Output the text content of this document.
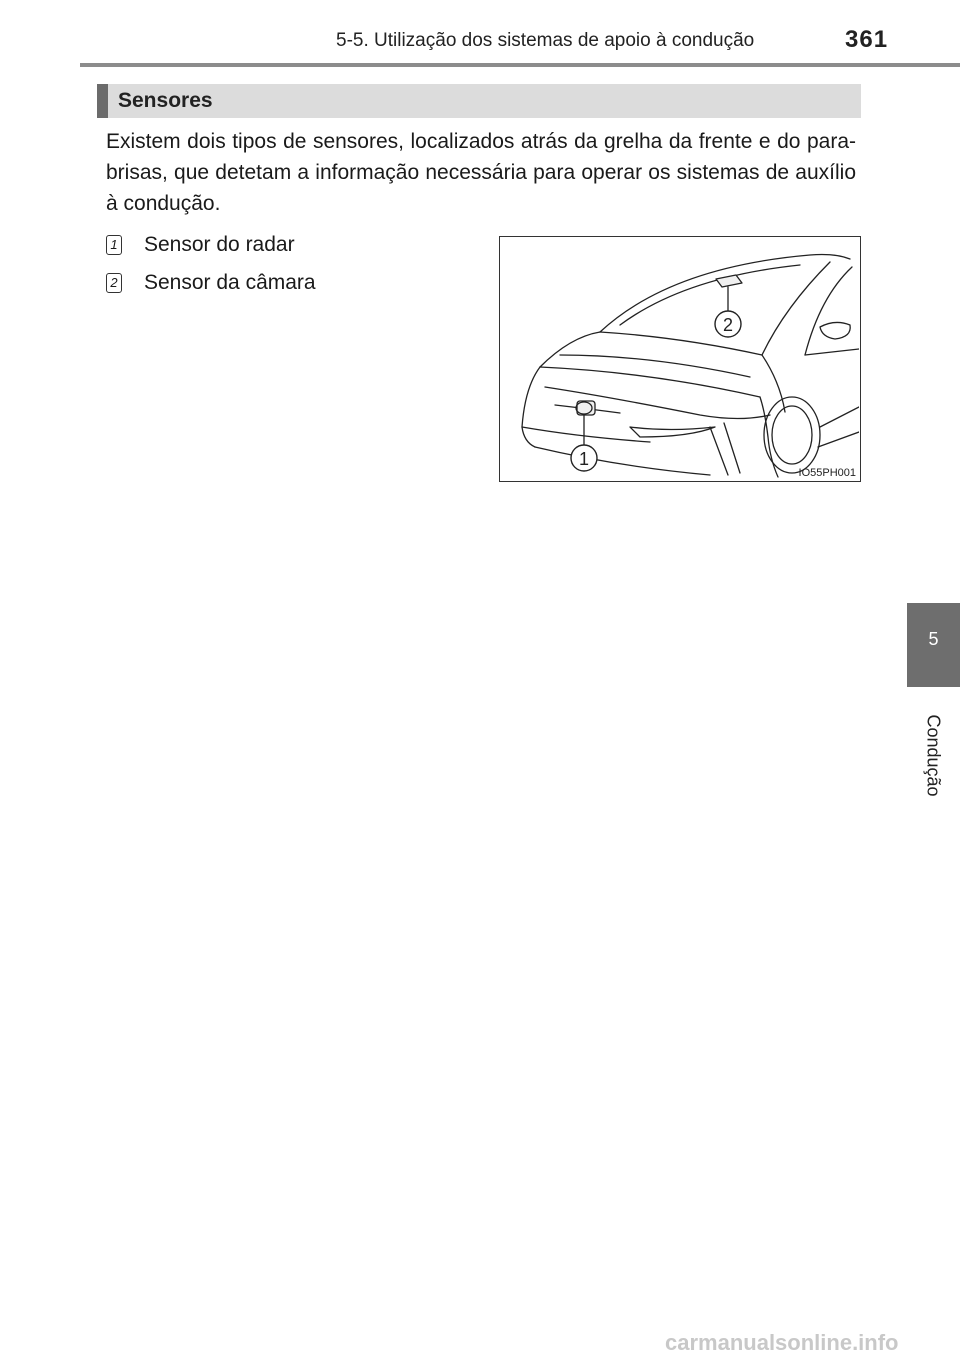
5-5. Utilização dos sistemas de apoio à condução	361
Sensores

Existem dois tipos de sensores, localizados atrás da grelha da frente e do para-brisas, que detetam a informação necessária para operar os sistemas de auxílio à condução.

1 Sensor do radar
2 Sensor da câmara
2
1
IO55PH001
5
Condução
carmanualsonline.info
